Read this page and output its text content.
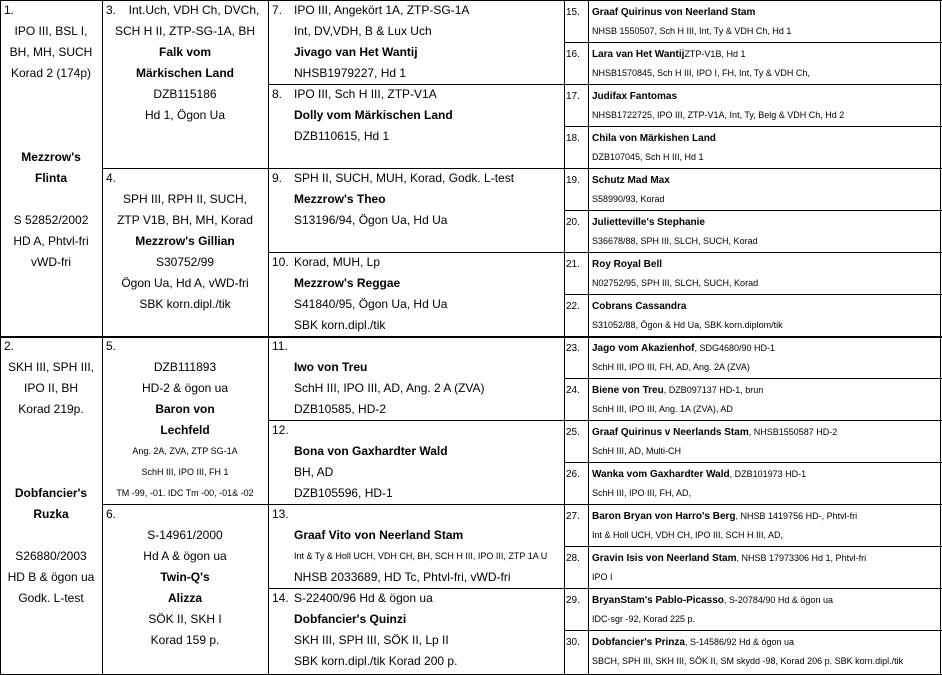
1.
IPO III, BSL I,
BH, MH, SUCH
Korad 2 (174p)
Mezzrow's
Flinta
S 52852/2002
HD A, Phtvl-fri
vWD-fri
2.
SKH III, SPH III,
IPO II, BH
Korad 219p.
Dobfancier's
Ruzka
S26880/2003
HD B & ögon ua
Godk. L-test
3.	Int.Uch, VDH Ch, DVCh,
SCH H II, ZTP-SG-1A, BH
Falk vom
Märkischen Land
DZB115186
Hd 1, Ögon Ua
4.
SPH III, RPH II, SUCH,
ZTP V1B, BH, MH, Korad
Mezzrow's Gillian
S30752/99
Ögon Ua, Hd A, vWD-fri
SBK korn.dipl./tik
5.
DZB111893
HD-2 & ögon ua
Baron von
Lechfeld
Ang. 2A, ZVA, ZTP SG-1A
SchH III, IPO III, FH 1
TM -99, -01. IDC Tm -00, -01& -02
6.
S-14961/2000
Hd A & ögon ua
Twin-Q's
Alizza
SÖK II, SKH I
Korad 159 p.
7. IPO III, Angekört 1A, ZTP-SG-1A
Int, DV,VDH, B & Lux Uch
Jivago van Het Wantij
NHSB1979227, Hd 1
8. IPO III, Sch H III, ZTP-V1A
Dolly vom Märkischen Land
DZB110615, Hd 1
9. SPH II, SUCH, MUH, Korad, Godk. L-test
Mezzrow's Theo
S13196/94, Ögon Ua, Hd Ua
10. Korad, MUH, Lp
Mezzrow's Reggae
S41840/95, Ögon Ua, Hd Ua
SBK korn.dipl./tik
11.
Iwo von Treu
SchH III, IPO III, AD, Ang. 2 A (ZVA)
DZB10585, HD-2
12.
Bona von Gaxhardter Wald
BH, AD
DZB105596, HD-1
13.
Graaf Vito von Neerland Stam
Int & Ty & Holl UCH, VDH CH, BH, SCH H III, IPO III, ZTP 1A U
NHSB 2033689, HD Tc, Phtvl-fri, vWD-fri
14. S-22400/96 Hd & ögon ua
Dobfancier's Quinzi
SKH III, SPH III, SÖK II, Lp II
SBK korn.dipl./tik Korad 200 p.
15. Graaf Quirinus von Neerland Stam
NHSB 1550507, Sch H III, Int, Ty & VDH Ch, Hd 1
16. Lara van Het WantijZTP-V1B, Hd 1
NHSB1570845, Sch H III, IPO I, FH, Int, Ty & VDH Ch,
17. Judifax Fantomas
NHSB1722725, IPO III, ZTP-V1A, Int, Ty, Belg & VDH Ch, Hd 2
18. Chila von Märkishen Land
DZB107045, Sch H III, Hd 1
19. Schutz Mad Max
S58990/93, Korad
20. Julietteville's Stephanie
S36678/88, SPH III, SLCH, SUCH, Korad
21. Roy Royal Bell
N02752/95, SPH III, SLCH, SUCH, Korad
22. Cobrans Cassandra
S31052/88, Ögon & Hd Ua, SBK korn.diplom/tik
23. Jago vom Akazienhof, SDG4680/90 HD-1
SchH III, IPO III, FH, AD, Ang. 2A (ZVA)
24. Biene von Treu, DZB097137 HD-1, brun
SchH III, IPO III, Ang. 1A (ZVA), AD
25. Graaf Quirinus v Neerlands Stam, NHSB1550587 HD-2
SchH III, AD, Multi-CH
26. Wanka vom Gaxhardter Wald, DZB101973 HD-1
SchH III, IPO III, FH, AD,
27. Baron Bryan von Harro's Berg, NHSB 1419756 HD-, Phtvl-fri
Int & Holl UCH, VDH CH, IPO III, SCH H III, AD,
28. Gravin Isis von Neerland Stam, NHSB 17973306 Hd 1, Phtvl-fri
IPO I
29. BryanStam's Pablo-Picasso, S-20784/90 Hd & ögon ua
IDC-sgr -92, Korad 225 p.
30. Dobfancier's Prinza, S-14586/92 Hd & ögon ua
SBCH, SPH III, SKH III, SÖK II, SM skydd -98, Korad 206 p. SBK korn.dipl./tik
